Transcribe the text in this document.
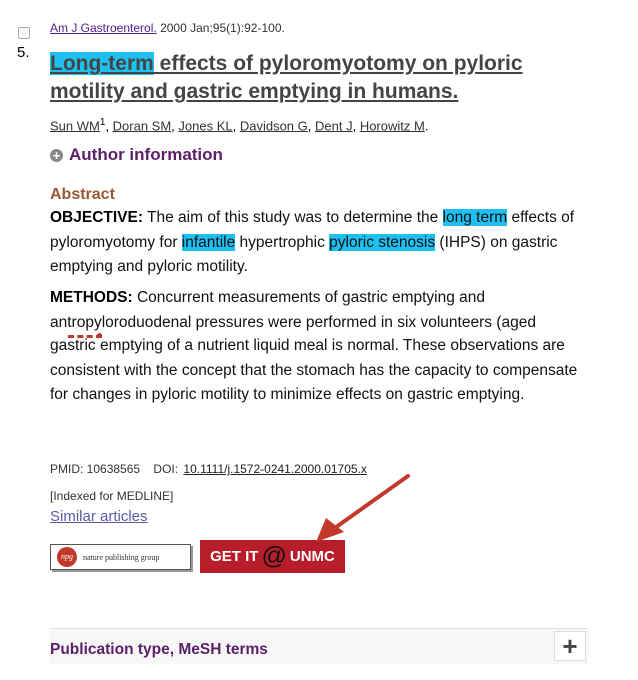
5.
Am J Gastroenterol. 2000 Jan;95(1):92-100.
Long-term effects of pyloromyotomy on pyloric motility and gastric emptying in humans.
Sun $WM^1$, Doran SM, Jones KL, Davidson G, Dent J, Horowitz M.
+ Author information
Abstract
OBJECTIVE: The aim of this study was to determine the long term effects of pyloromyotomy for infantile hypertrophic pyloric stenosis (IHPS) on gastric emptying and pyloric motility.
METHODS: Concurrent measurements of gastric emptying and antropyloroduodenal pressures were performed in six volunteers (aged
gastric emptying of a nutrient liquid meal is normal. These observations are consistent with the concept that the stomach has the capacity to compensate for changes in pyloric motility to minimize effects on gastric emptying.
PMID: 10638565 DOI: 10.1111/j.1572-0241.2000.01705.x
[Indexed for MEDLINE]
Similar articles
npg	nature publishing group	GET IT @ UNMC
Publication type, MeSH terms	+
